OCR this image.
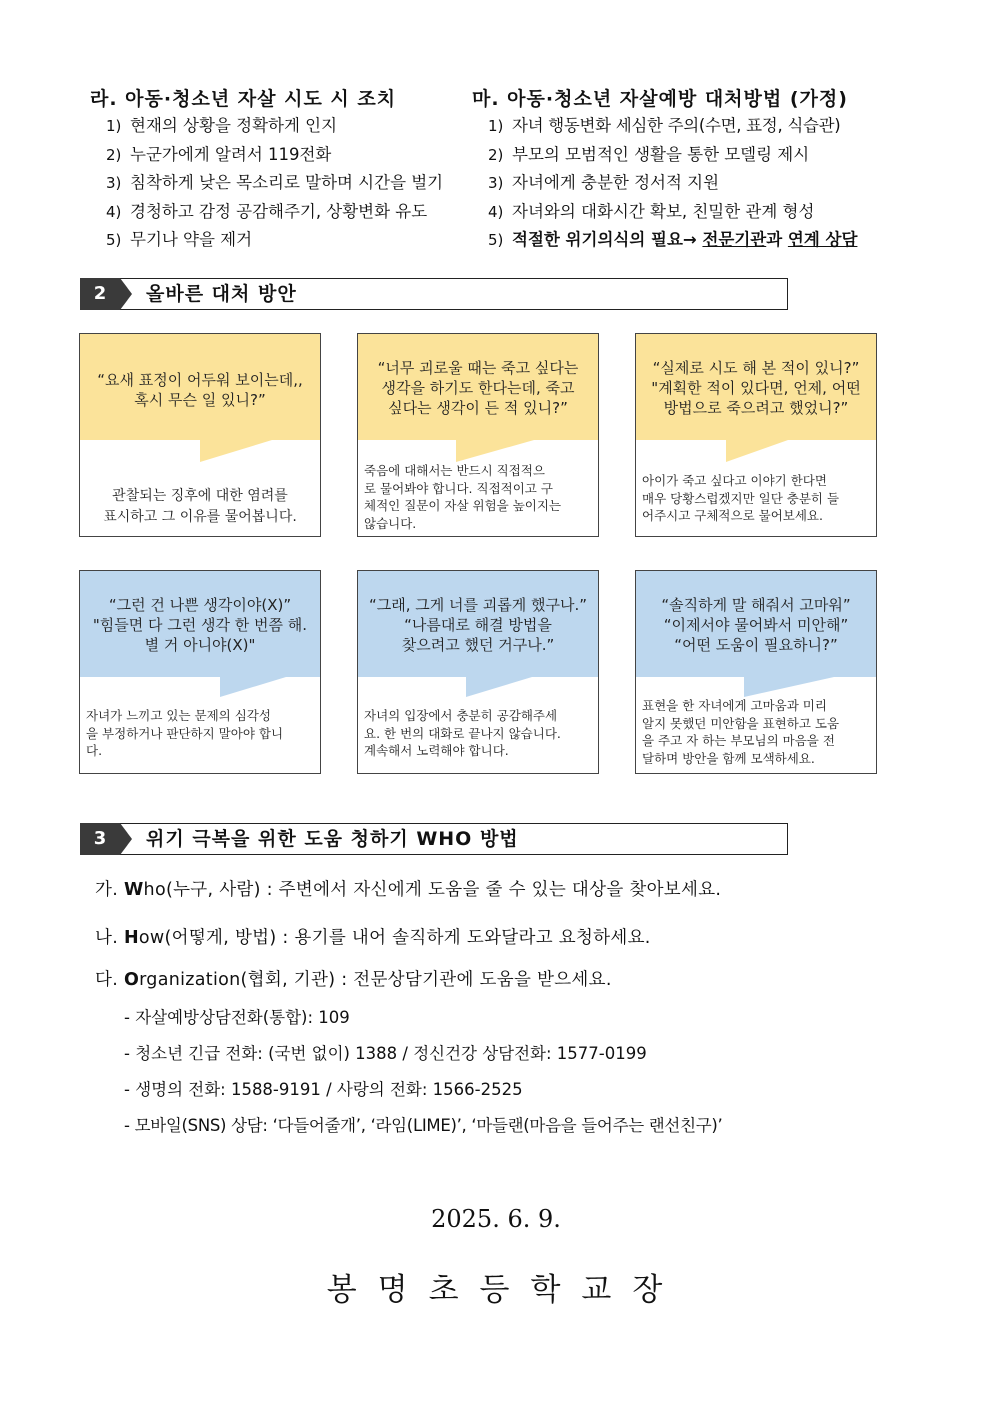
라. 아동·청소년 자살 시도 시 조치
1) 현재의 상황을 정확하게 인지
2) 누군가에게 알려서 119전화
3) 침착하게 낮은 목소리로 말하며 시간을 벌기
4) 경청하고 감정 공감해주기, 상황변화 유도
5) 무기나 약을 제거
마. 아동·청소년 자살예방 대처방법 (가정)
1) 자녀 행동변화 세심한 주의(수면, 표정, 식습관)
2) 부모의 모범적인 생활을 통한 모델링 제시
3) 자녀에게 충분한 정서적 지원
4) 자녀와의 대화시간 확보, 친밀한 관계 형성
5) 적절한 위기의식의 필요→ 전문기관과 연계 상담
2	올바른 대처 방안
“요새 표정이 어두워 보이는데,,
혹시 무슨 일 있니?”
관찰되는 징후에 대한 염려를
표시하고 그 이유를 물어봅니다.
“너무 괴로울 때는 죽고 싶다는
생각을 하기도 한다는데, 죽고
싶다는 생각이 든 적 있니?”
죽음에 대해서는 반드시 직접적으
로 물어봐야 합니다. 직접적이고 구
체적인 질문이 자살 위험을 높이지는
않습니다.
“실제로 시도 해 본 적이 있니?”
"계획한 적이 있다면, 언제, 어떤
방법으로 죽으려고 했었니?”
아이가 죽고 싶다고 이야기 한다면
매우 당황스럽겠지만 일단 충분히 들
어주시고 구체적으로 물어보세요.
“그런 건 나쁜 생각이야(X)”
"힘들면 다 그런 생각 한 번쯤 해.
별 거 아니야(X)"
자녀가 느끼고 있는 문제의 심각성
을 부정하거나 판단하지 말아야 합니
다.
“그래, 그게 너를 괴롭게 했구나.”
“나름대로 해결 방법을
찾으려고 했던 거구나.”
자녀의 입장에서 충분히 공감해주세
요. 한 번의 대화로 끝나지 않습니다.
계속해서 노력해야 합니다.
“솔직하게 말 해줘서 고마워”
“이제서야 물어봐서 미안해”
“어떤 도움이 필요하니?”
표현을 한 자녀에게 고마움과 미리
알지 못했던 미안함을 표현하고 도움
을 주고 자 하는 부모님의 마음을 전
달하며 방안을 함께 모색하세요.
3	위기 극복을 위한 도움 청하기 WHO 방법
가. Who(누구, 사람) : 주변에서 자신에게 도움을 줄 수 있는 대상을 찾아보세요.
나. How(어떻게, 방법) : 용기를 내어 솔직하게 도와달라고 요청하세요.
다. Organization(협회, 기관) : 전문상담기관에 도움을 받으세요.
- 자살예방상담전화(통합): 109
- 청소년 긴급 전화: (국번 없이) 1388 / 정신건강 상담전화: 1577-0199
- 생명의 전화: 1588-9191 / 사랑의 전화: 1566-2525
- 모바일(SNS) 상담: ‘다들어줄개’, ‘라임(LIME)’, ‘마들랜(마음을 들어주는 랜선친구)’
2025. 6. 9.
봉명초등학교장
